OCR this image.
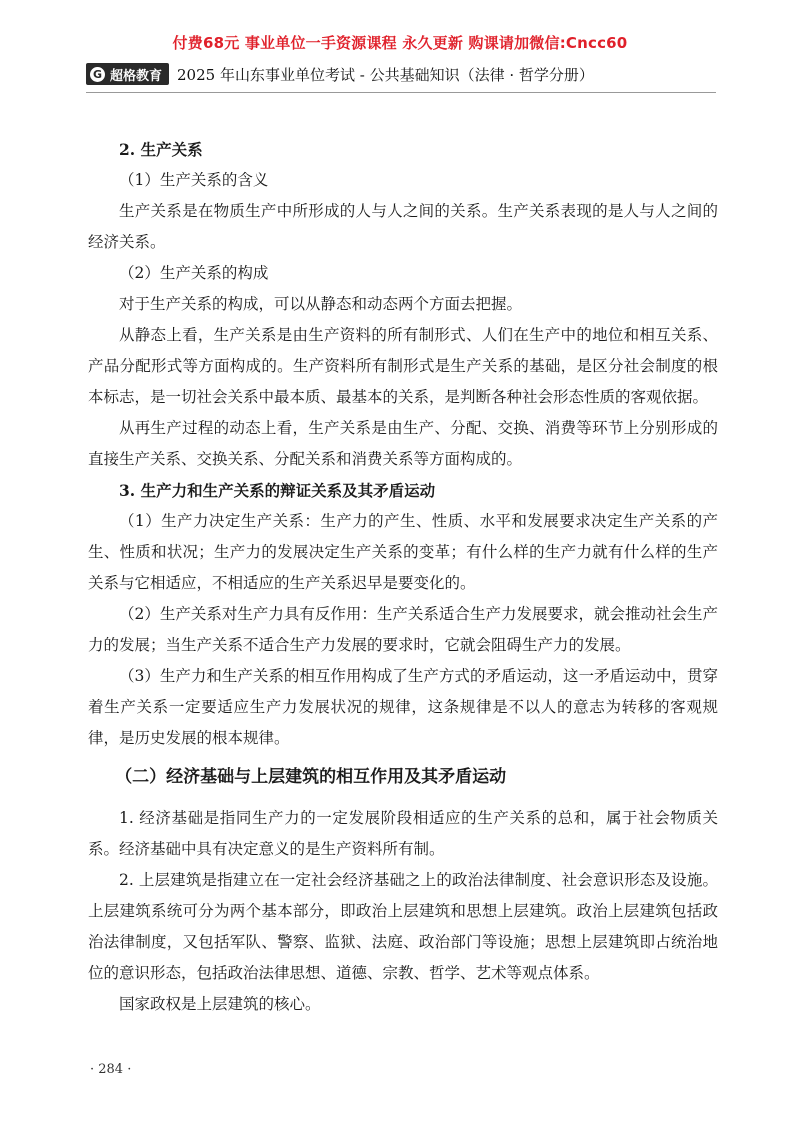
付费68元 事业单位一手资源课程 永久更新 购课请加微信:Cncc60
G 超格教育 2025 年山东事业单位考试 - 公共基础知识（法律 · 哲学分册）

2. 生产关系

（1）生产关系的含义

生产关系是在物质生产中所形成的人与人之间的关系。生产关系表现的是人与人之间的经济关系。

（2）生产关系的构成

对于生产关系的构成，可以从静态和动态两个方面去把握。

从静态上看，生产关系是由生产资料的所有制形式、人们在生产中的地位和相互关系、产品分配形式等方面构成的。生产资料所有制形式是生产关系的基础，是区分社会制度的根本标志，是一切社会关系中最本质、最基本的关系，是判断各种社会形态性质的客观依据。

从再生产过程的动态上看，生产关系是由生产、分配、交换、消费等环节上分别形成的直接生产关系、交换关系、分配关系和消费关系等方面构成的。

3. 生产力和生产关系的辩证关系及其矛盾运动

（1）生产力决定生产关系：生产力的产生、性质、水平和发展要求决定生产关系的产生、性质和状况；生产力的发展决定生产关系的变革；有什么样的生产力就有什么样的生产关系与它相适应，不相适应的生产关系迟早是要变化的。

（2）生产关系对生产力具有反作用：生产关系适合生产力发展要求，就会推动社会生产力的发展；当生产关系不适合生产力发展的要求时，它就会阻碍生产力的发展。

（3）生产力和生产关系的相互作用构成了生产方式的矛盾运动，这一矛盾运动中，贯穿着生产关系一定要适应生产力发展状况的规律，这条规律是不以人的意志为转移的客观规律，是历史发展的根本规律。

（二）经济基础与上层建筑的相互作用及其矛盾运动

1. 经济基础是指同生产力的一定发展阶段相适应的生产关系的总和，属于社会物质关系。经济基础中具有决定意义的是生产资料所有制。

2. 上层建筑是指建立在一定社会经济基础之上的政治法律制度、社会意识形态及设施。上层建筑系统可分为两个基本部分，即政治上层建筑和思想上层建筑。政治上层建筑包括政治法律制度，又包括军队、警察、监狱、法庭、政治部门等设施；思想上层建筑即占统治地位的意识形态，包括政治法律思想、道德、宗教、哲学、艺术等观点体系。

国家政权是上层建筑的核心。

· 284 ·
